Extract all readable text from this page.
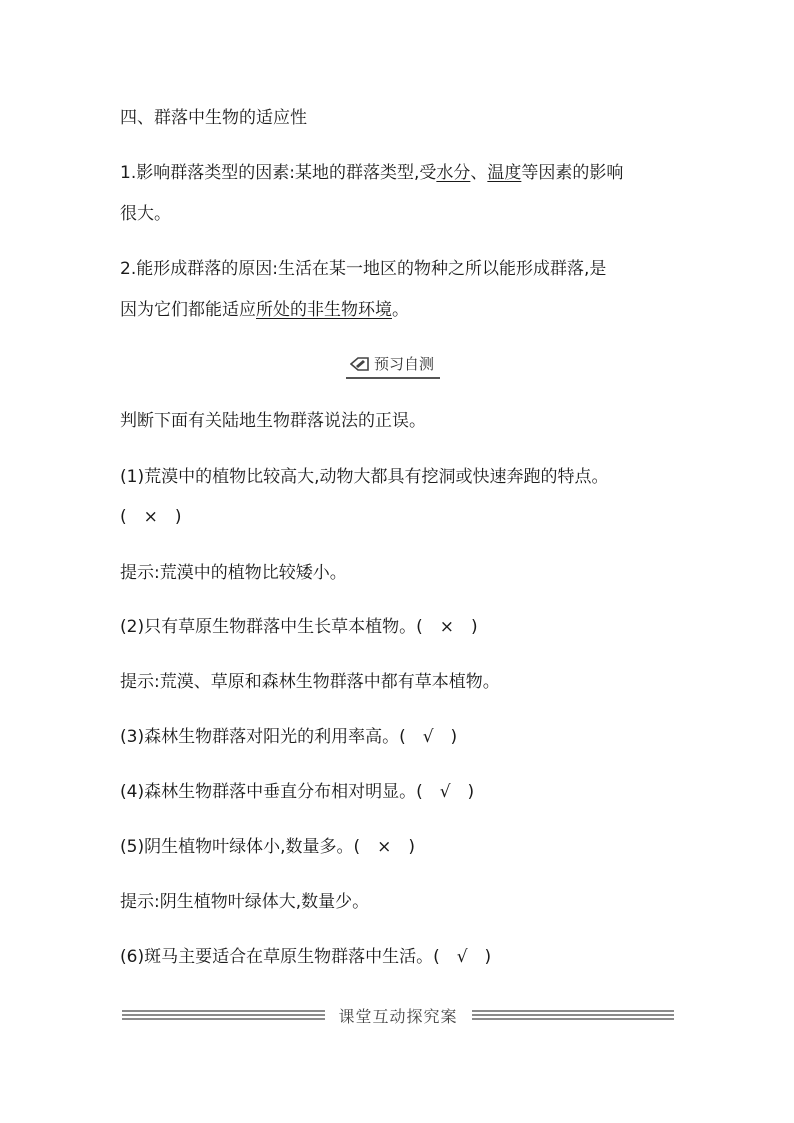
四、群落中生物的适应性
1.影响群落类型的因素:某地的群落类型,受水分、温度等因素的影响
很大。
2.能形成群落的原因:生活在某一地区的物种之所以能形成群落,是
因为它们都能适应所处的非生物环境。
预习自测
判断下面有关陆地生物群落说法的正误。
(1)荒漠中的植物比较高大,动物大都具有挖洞或快速奔跑的特点。
(　×　)
提示:荒漠中的植物比较矮小。
(2)只有草原生物群落中生长草本植物。(　×　)
提示:荒漠、草原和森林生物群落中都有草本植物。
(3)森林生物群落对阳光的利用率高。(　√　)
(4)森林生物群落中垂直分布相对明显。(　√　)
(5)阴生植物叶绿体小,数量多。(　×　)
提示:阴生植物叶绿体大,数量少。
(6)斑马主要适合在草原生物群落中生活。(　√　)
课堂互动探究案
